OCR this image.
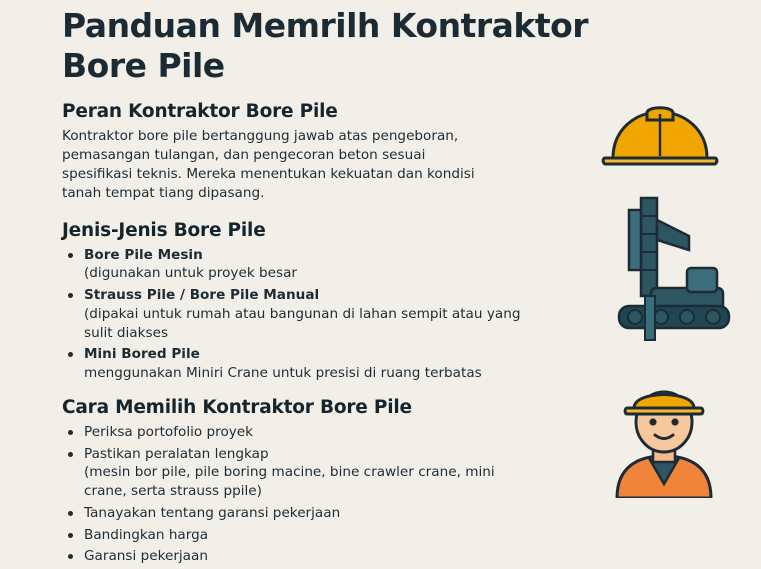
Panduan Memrilh Kontraktor Bore Pile
Peran Kontraktor Bore Pile

Kontraktor bore pile bertanggung jawab atas pengeboran, pemasangan tulangan, dan pengecoran beton sesuai spesifikasi teknis. Mereka menentukan kekuatan dan kondisi tanah tempat tiang dipasang.

Jenis-Jenis Bore Pile
Bore Pile Mesin
(digunakan untuk proyek besar
Strauss Pile / Bore Pile Manual
(dipakai untuk rumah atau bangunan di lahan sempit atau yang sulit diakses
Mini Bored Pile
menggunakan Miniri Crane untuk presisi di ruang terbatas
Cara Memilih Kontraktor Bore Pile
Periksa portofolio proyek
Pastikan peralatan lengkap
(mesin bor pile, pile boring macine, bine crawler crane, mini crane, serta strauss ppile)
Tanayakan tentang garansi pekerjaan
Bandingkan harga
Garansi pekerjaan
